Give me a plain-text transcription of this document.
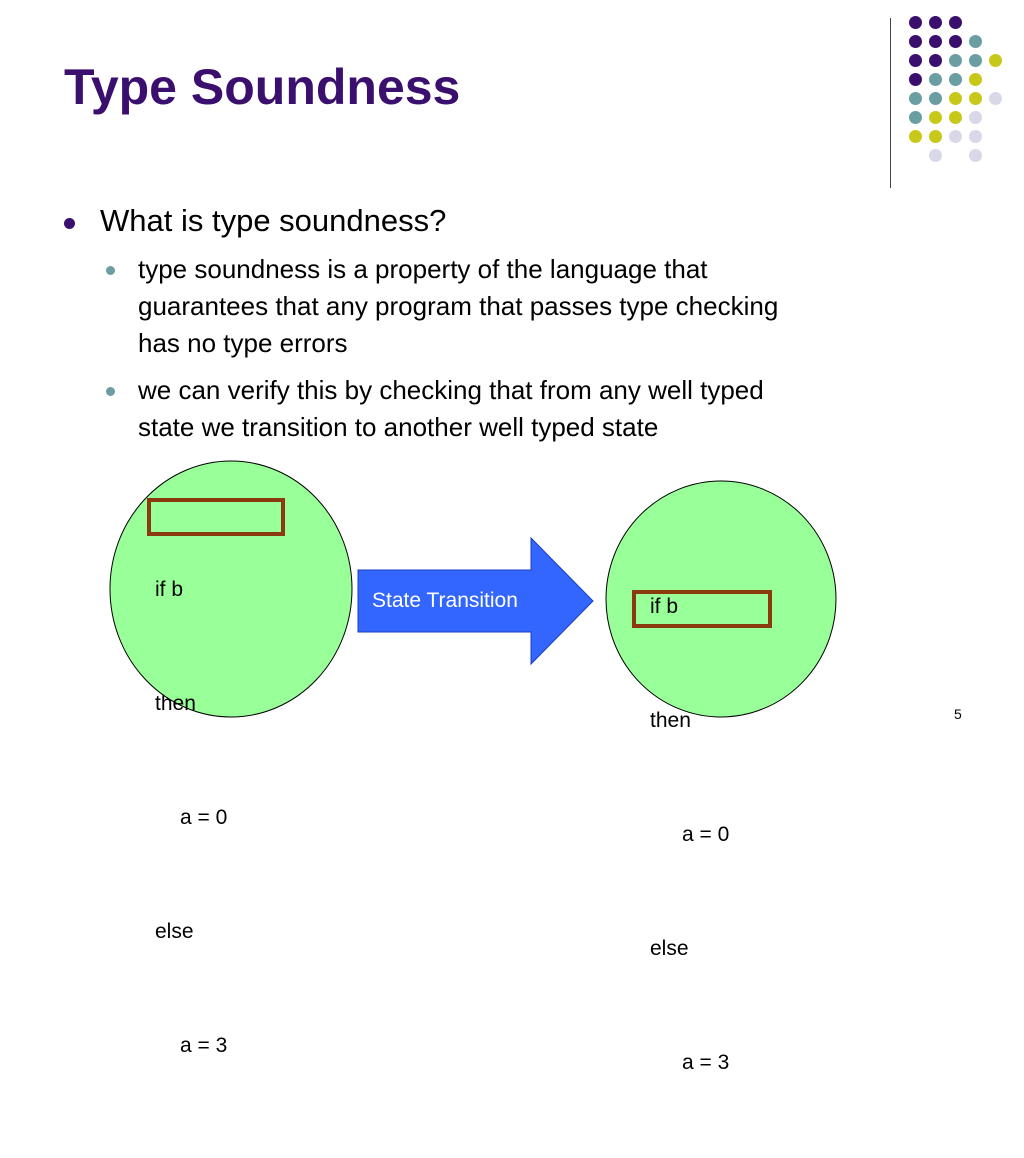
Type Soundness
What is type soundness?
type soundness is a property of the language that
guarantees that any program that passes type checking
has no type errors
we can verify this by checking that from any well typed
state we transition to another well typed state
State Transition

if b

then

a = 0

else

a = 3

if b

then

a = 0

else

a = 3

5
